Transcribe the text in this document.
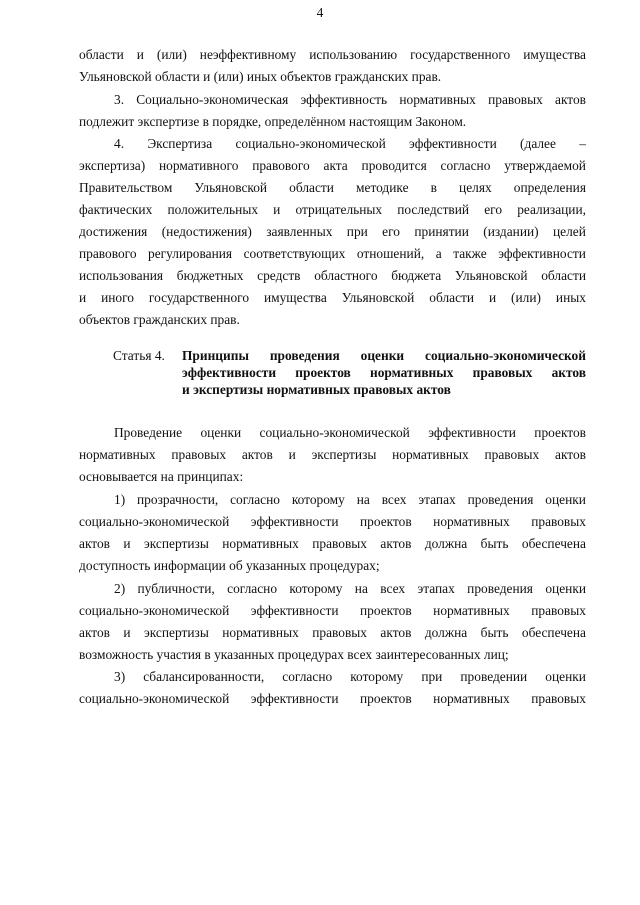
4
области и (или) неэффективному использованию государственного имущества
Ульяновской области и (или) иных объектов гражданских прав.
3. Социально-экономическая эффективность нормативных правовых актов
подлежит экспертизе в порядке, определённом настоящим Законом.
4. Экспертиза социально-экономической эффективности (далее –
экспертиза) нормативного правового акта проводится согласно утверждаемой
Правительством Ульяновской области методике в целях определения
фактических положительных и отрицательных последствий его реализации,
достижения (недостижения) заявленных при его принятии (издании) целей
правового регулирования соответствующих отношений, а также эффективности
использования бюджетных средств областного бюджета Ульяновской области
и иного государственного имущества Ульяновской области и (или) иных
объектов гражданских прав.
Статья 4. Принципы проведения оценки социально-экономической
эффективности проектов нормативных правовых актов
и экспертизы нормативных правовых актов
Проведение оценки социально-экономической эффективности проектов
нормативных правовых актов и экспертизы нормативных правовых актов
основывается на принципах:
1) прозрачности, согласно которому на всех этапах проведения оценки
социально-экономической эффективности проектов нормативных правовых
актов и экспертизы нормативных правовых актов должна быть обеспечена
доступность информации об указанных процедурах;
2) публичности, согласно которому на всех этапах проведения оценки
социально-экономической эффективности проектов нормативных правовых
актов и экспертизы нормативных правовых актов должна быть обеспечена
возможность участия в указанных процедурах всех заинтересованных лиц;
3) сбалансированности, согласно которому при проведении оценки
социально-экономической эффективности проектов нормативных правовых
